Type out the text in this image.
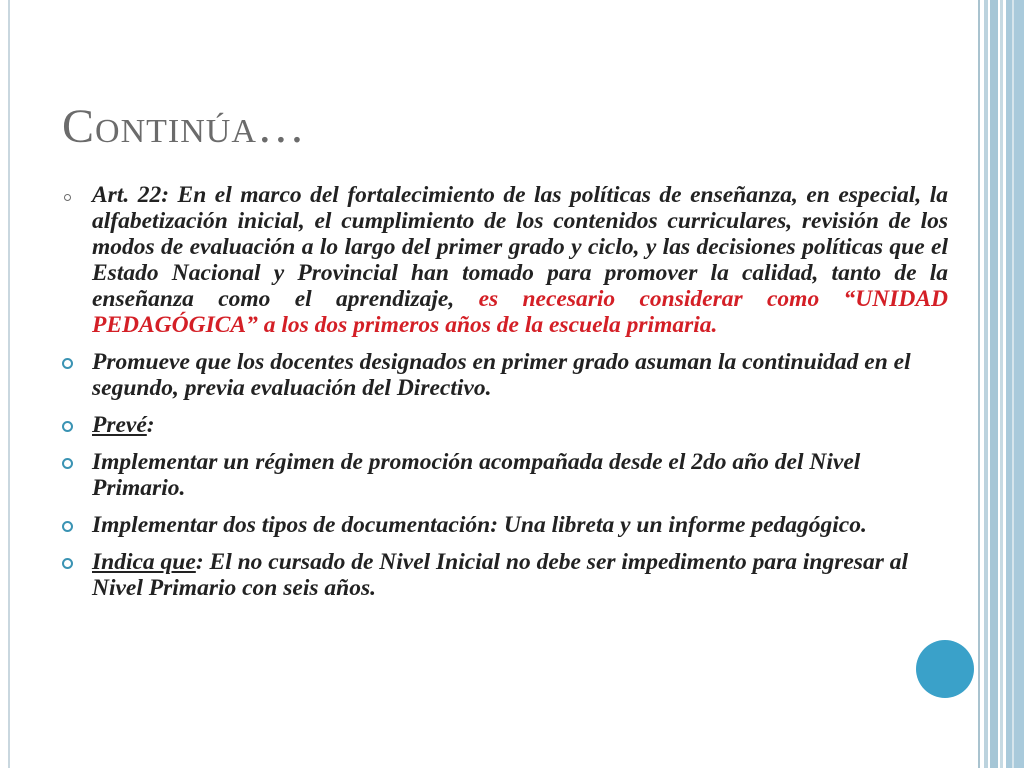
Continúa…
Art. 22: En el marco del fortalecimiento de las políticas de enseñanza, en especial, la alfabetización inicial, el cumplimiento de los contenidos curriculares, revisión de los modos de evaluación a lo largo del primer grado y ciclo, y las decisiones políticas que el Estado Nacional y Provincial han tomado para promover la calidad, tanto de la enseñanza como el aprendizaje, es necesario considerar como “UNIDAD PEDAGÓGICA” a los dos primeros años de la escuela primaria.
Promueve que los docentes designados en primer grado asuman la continuidad en el segundo, previa evaluación del Directivo.
Prevé:
Implementar un régimen de promoción acompañada desde el 2do año del Nivel Primario.
Implementar dos tipos de documentación: Una libreta y un informe pedagógico.
Indica que: El no cursado de Nivel Inicial no debe ser impedimento para ingresar al Nivel Primario con seis años.
